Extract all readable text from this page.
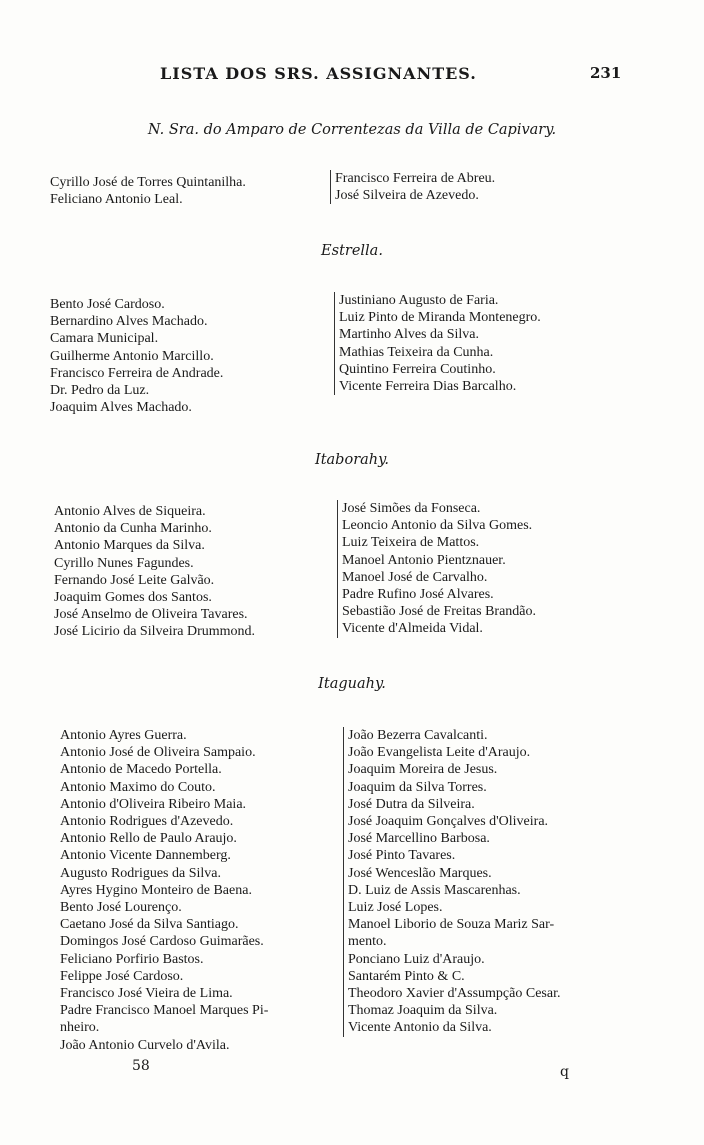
LISTA DOS SRS. ASSIGNANTES.	231
N. Sra. do Amparo de Correntezas da Villa de Capivary.
Cyrillo José de Torres Quintanilha.
Feliciano Antonio Leal.
Francisco Ferreira de Abreu.
José Silveira de Azevedo.
Estrella.
Bento José Cardoso.
Bernardino Alves Machado.
Camara Municipal.
Guilherme Antonio Marcillo.
Francisco Ferreira de Andrade.
Dr. Pedro da Luz.
Joaquim Alves Machado.
Justiniano Augusto de Faria.
Luiz Pinto de Miranda Montenegro.
Martinho Alves da Silva.
Mathias Teixeira da Cunha.
Quintino Ferreira Coutinho.
Vicente Ferreira Dias Barcalho.
Itaborahy.
Antonio Alves de Siqueira.
Antonio da Cunha Marinho.
Antonio Marques da Silva.
Cyrillo Nunes Fagundes.
Fernando José Leite Galvão.
Joaquim Gomes dos Santos.
José Anselmo de Oliveira Tavares.
José Licirio da Silveira Drummond.
José Simões da Fonseca.
Leoncio Antonio da Silva Gomes.
Luiz Teixeira de Mattos.
Manoel Antonio Pientznauer.
Manoel José de Carvalho.
Padre Rufino José Alvares.
Sebastião José de Freitas Brandão.
Vicente d'Almeida Vidal.
Itaguahy.
Antonio Ayres Guerra.
Antonio José de Oliveira Sampaio.
Antonio de Macedo Portella.
Antonio Maximo do Couto.
Antonio d'Oliveira Ribeiro Maia.
Antonio Rodrigues d'Azevedo.
Antonio Rello de Paulo Araujo.
Antonio Vicente Dannemberg.
Augusto Rodrigues da Silva.
Ayres Hygino Monteiro de Baena.
Bento José Lourenço.
Caetano José da Silva Santiago.
Domingos José Cardoso Guimarães.
Feliciano Porfirio Bastos.
Felippe José Cardoso.
Francisco José Vieira de Lima.
Padre Francisco Manoel Marques Pi-
nheiro.
João Antonio Curvelo d'Avila.
João Bezerra Cavalcanti.
João Evangelista Leite d'Araujo.
Joaquim Moreira de Jesus.
Joaquim da Silva Torres.
José Dutra da Silveira.
José Joaquim Gonçalves d'Oliveira.
José Marcellino Barbosa.
José Pinto Tavares.
José Wenceslão Marques.
D. Luiz de Assis Mascarenhas.
Luiz José Lopes.
Manoel Liborio de Souza Mariz Sar-
mento.
Ponciano Luiz d'Araujo.
Santarém Pinto & C.
Theodoro Xavier d'Assumpção Cesar.
Thomaz Joaquim da Silva.
Vicente Antonio da Silva.
58	q
